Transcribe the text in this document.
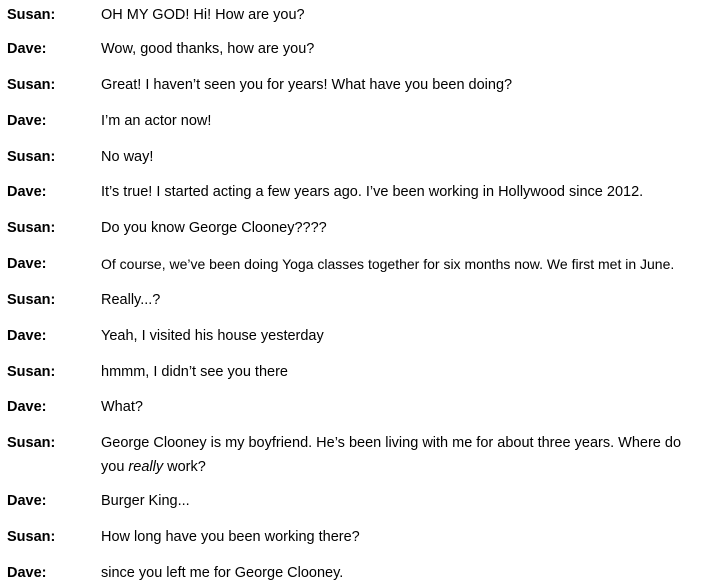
Susan:	OH MY GOD! Hi! How are you?
Dave:	Wow, good thanks, how are you?
Susan:	Great! I haven’t seen you for years! What have you been doing?
Dave:	I’m an actor now!
Susan:	No way!
Dave:	It’s true! I started acting a few years ago. I’ve been working in Hollywood since 2012.
Susan:	Do you know George Clooney????
Dave:	Of course, we’ve been doing Yoga classes together for six months now. We first met in June.
Susan:	Really...?
Dave:	Yeah, I visited his house yesterday
Susan:	hmmm, I didn’t see you there
Dave:	What?
Susan:	George Clooney is my boyfriend. He’s been living with me for about three years. Where do you really work?
Dave:	Burger King...
Susan:	How long have you been working there?
Dave:	since you left me for George Clooney.
